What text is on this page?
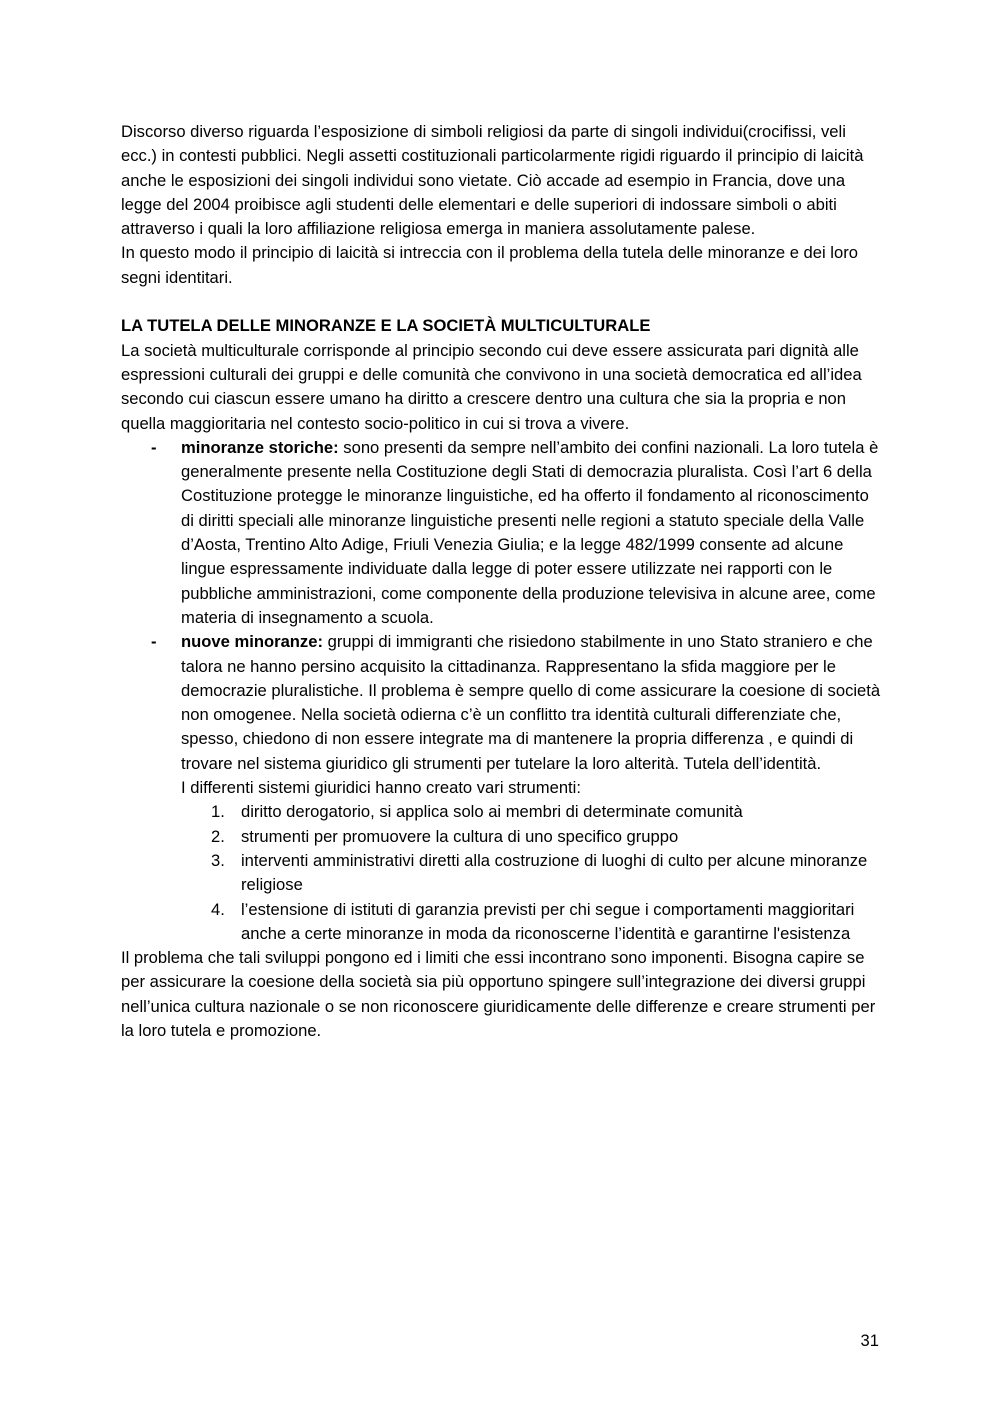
Discorso diverso riguarda l’esposizione di simboli religiosi da parte di singoli individui(crocifissi, veli ecc.) in contesti pubblici. Negli assetti costituzionali particolarmente rigidi riguardo il principio di laicità anche le esposizioni dei singoli individui sono vietate. Ciò accade ad esempio in Francia, dove una legge del 2004 proibisce agli studenti delle elementari e delle superiori di indossare simboli o abiti attraverso i quali la loro affiliazione religiosa emerga in maniera assolutamente palese.

In questo modo il principio di laicità si intreccia con il problema della tutela delle minoranze e dei loro segni identitari.

LA TUTELA DELLE MINORANZE E LA SOCIETÀ MULTICULTURALE

La società multiculturale corrisponde al principio secondo cui deve essere assicurata pari dignità alle espressioni culturali dei gruppi e delle comunità che convivono in una società democratica ed all’idea secondo cui ciascun essere umano ha diritto a crescere dentro una cultura che sia la propria e non quella maggioritaria nel contesto socio-politico in cui si trova a vivere.

- minoranze storiche: sono presenti da sempre nell’ambito dei confini nazionali. La loro tutela è generalmente presente nella Costituzione degli Stati di democrazia pluralista. Così l’art 6 della Costituzione protegge le minoranze linguistiche, ed ha offerto il fondamento al riconoscimento di diritti speciali alle minoranze linguistiche presenti nelle regioni a statuto speciale della Valle d’Aosta, Trentino Alto Adige, Friuli Venezia Giulia; e la legge 482/1999 consente ad alcune lingue espressamente individuate dalla legge di poter essere utilizzate nei rapporti con le pubbliche amministrazioni, come componente della produzione televisiva in alcune aree, come materia di insegnamento a scuola.
- nuove minoranze: gruppi di immigranti che risiedono stabilmente in uno Stato straniero e che talora ne hanno persino acquisito la cittadinanza. Rappresentano la sfida maggiore per le democrazie pluralistiche. Il problema è sempre quello di come assicurare la coesione di società non omogenee. Nella società odierna c’è un conflitto tra identità culturali differenziate che, spesso, chiedono di non essere integrate ma di mantenere la propria differenza , e quindi di trovare nel sistema giuridico gli strumenti per tutelare la loro alterità. Tutela dell’identità.

I differenti sistemi giuridici hanno creato vari strumenti:

1. diritto derogatorio, si applica solo ai membri di determinate comunità
2. strumenti per promuovere la cultura di uno specifico gruppo
3. interventi amministrativi diretti alla costruzione di luoghi di culto per alcune minoranze religiose
4. l’estensione di istituti di garanzia previsti per chi segue i comportamenti maggioritari anche a certe minoranze in moda da riconoscerne l’identità e garantirne l'esistenza

Il problema che tali sviluppi pongono ed i limiti che essi incontrano sono imponenti. Bisogna capire se per assicurare la coesione della società sia più opportuno spingere sull’integrazione dei diversi gruppi nell’unica cultura nazionale o se non riconoscere giuridicamente delle differenze e creare strumenti per la loro tutela e promozione.

31
